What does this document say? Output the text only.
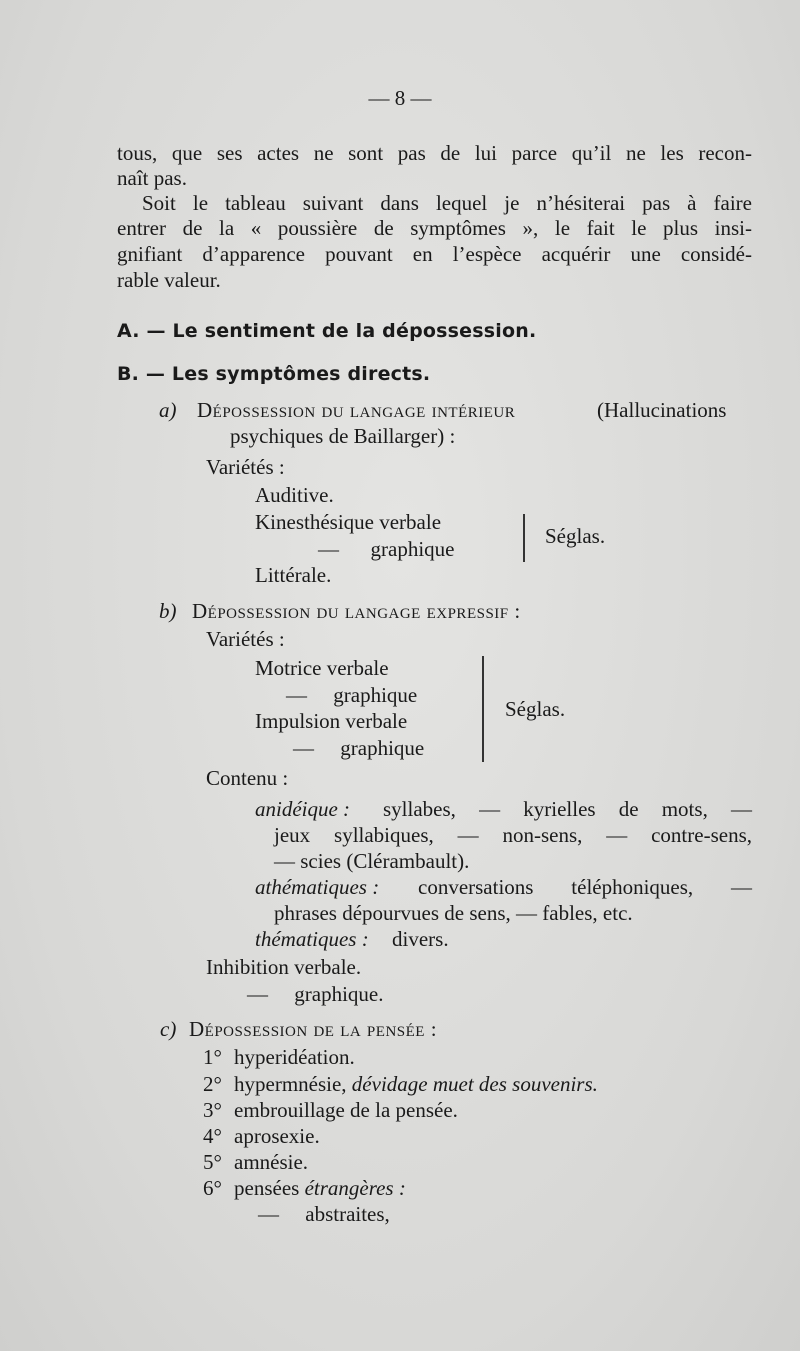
— 8 —
tous, que ses actes ne sont pas de lui parce qu’il ne les recon-
naît pas.
Soit le tableau suivant dans lequel je n’hésiterai pas à faire
entrer de la « poussière de symptômes », le fait le plus insi-
gnifiant d’apparence pouvant en l’espèce acquérir une considé-
rable valeur.
A. — Le sentiment de la dépossession.
B. — Les symptômes directs.
a) Dépossession du langage intérieur	(Hallucinations
psychiques de Baillarger) :
Variétés :
Auditive.
Kinesthésique verbale
—      graphique
Littérale.
Séglas.
b) Dépossession du langage expressif :
Variétés :
Motrice verbale
—     graphique
Impulsion verbale
—     graphique
Séglas.
Contenu :
anidéique : syllabes, — kyrielles de mots, —
jeux syllabiques, — non-sens, — contre-sens,
— scies (Clérambault).
athématiques : conversations téléphoniques, —
phrases dépourvues de sens, — fables, etc.
thématiques : divers.
Inhibition verbale.
—     graphique.
c) Dépossession de la pensée :
1° hyperidéation.
2° hypermnésie, dévidage muet des souvenirs.
3° embrouillage de la pensée.
4° aprosexie.
5° amnésie.
6° pensées étrangères :
—     abstraites,
